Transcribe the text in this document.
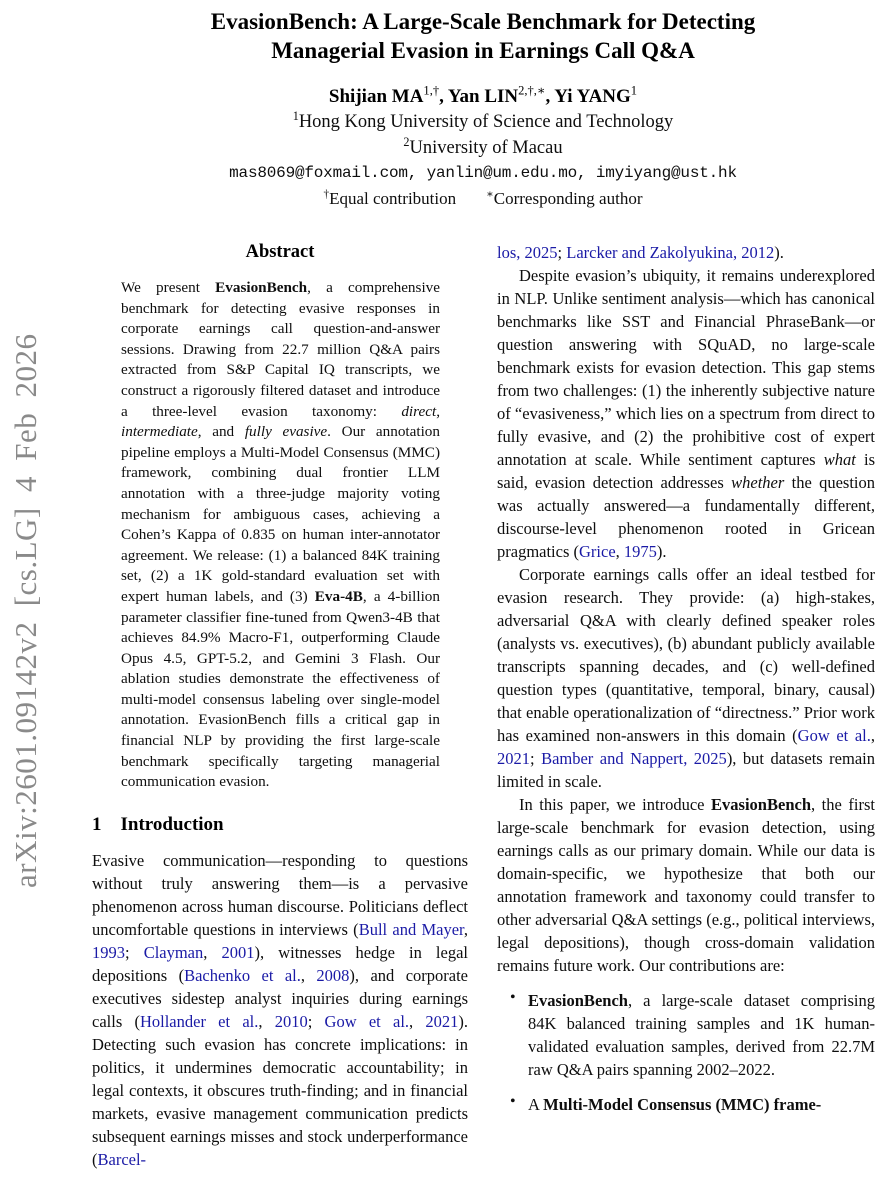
arXiv:2601.09142v2 [cs.LG] 4 Feb 2026
EvasionBench: A Large-Scale Benchmark for Detecting
Managerial Evasion in Earnings Call Q&A
Shijian $MA^{1,\dagger}$, Yan $LIN^{2,\dagger,∗}$, Yi YANG$^1$
$^1$Hong Kong University of Science and Technology
$^2$University of Macau
mas8069@foxmail.com, yanlin@um.edu.mo, imyiyang@ust.hk
†Equal contribution	∗Corresponding author
Abstract
We present EvasionBench, a comprehensive benchmark for detecting evasive responses in corporate earnings call question-and-answer sessions. Drawing from 22.7 million Q&A pairs extracted from S&P Capital IQ transcripts, we construct a rigorously filtered dataset and introduce a three-level evasion taxonomy: direct, intermediate, and fully evasive. Our annotation pipeline employs a Multi-Model Consensus (MMC) framework, combining dual frontier LLM annotation with a three-judge majority voting mechanism for ambiguous cases, achieving a Cohen’s Kappa of 0.835 on human inter-annotator agreement. We release: (1) a balanced 84K training set, (2) a 1K gold-standard evaluation set with expert human labels, and (3) Eva-4B, a 4-billion parameter classifier fine-tuned from Qwen3-4B that achieves 84.9% Macro-F1, outperforming Claude Opus 4.5, GPT-5.2, and Gemini 3 Flash. Our ablation studies demonstrate the effectiveness of multi-model consensus labeling over single-model annotation. EvasionBench fills a critical gap in financial NLP by providing the first large-scale benchmark specifically targeting managerial communication evasion.
1 Introduction
Evasive communication—responding to questions without truly answering them—is a pervasive phenomenon across human discourse. Politicians deflect uncomfortable questions in interviews (Bull and Mayer, 1993; Clayman, 2001), witnesses hedge in legal depositions (Bachenko et al., 2008), and corporate executives sidestep analyst inquiries during earnings calls (Hollander et al., 2010; Gow et al., 2021). Detecting such evasion has concrete implications: in politics, it undermines democratic accountability; in legal contexts, it obscures truth-finding; and in financial markets, evasive management communication predicts subsequent earnings misses and stock underperformance (Barcel-
los, 2025; Larcker and Zakolyukina, 2012).
Despite evasion’s ubiquity, it remains underexplored in NLP. Unlike sentiment analysis—which has canonical benchmarks like SST and Financial PhraseBank—or question answering with SQuAD, no large-scale benchmark exists for evasion detection. This gap stems from two challenges: (1) the inherently subjective nature of “evasiveness,” which lies on a spectrum from direct to fully evasive, and (2) the prohibitive cost of expert annotation at scale. While sentiment captures what is said, evasion detection addresses whether the question was actually answered—a fundamentally different, discourse-level phenomenon rooted in Gricean pragmatics (Grice, 1975).
Corporate earnings calls offer an ideal testbed for evasion research. They provide: (a) high-stakes, adversarial Q&A with clearly defined speaker roles (analysts vs. executives), (b) abundant publicly available transcripts spanning decades, and (c) well-defined question types (quantitative, temporal, binary, causal) that enable operationalization of “directness.” Prior work has examined non-answers in this domain (Gow et al., 2021; Bamber and Nappert, 2025), but datasets remain limited in scale.
In this paper, we introduce EvasionBench, the first large-scale benchmark for evasion detection, using earnings calls as our primary domain. While our data is domain-specific, we hypothesize that both our annotation framework and taxonomy could transfer to other adversarial Q&A settings (e.g., political interviews, legal depositions), though cross-domain validation remains future work. Our contributions are:
• EvasionBench, a large-scale dataset comprising 84K balanced training samples and 1K human-validated evaluation samples, derived from 22.7M raw Q&A pairs spanning 2002–2022.
• A Multi-Model Consensus (MMC) frame-
